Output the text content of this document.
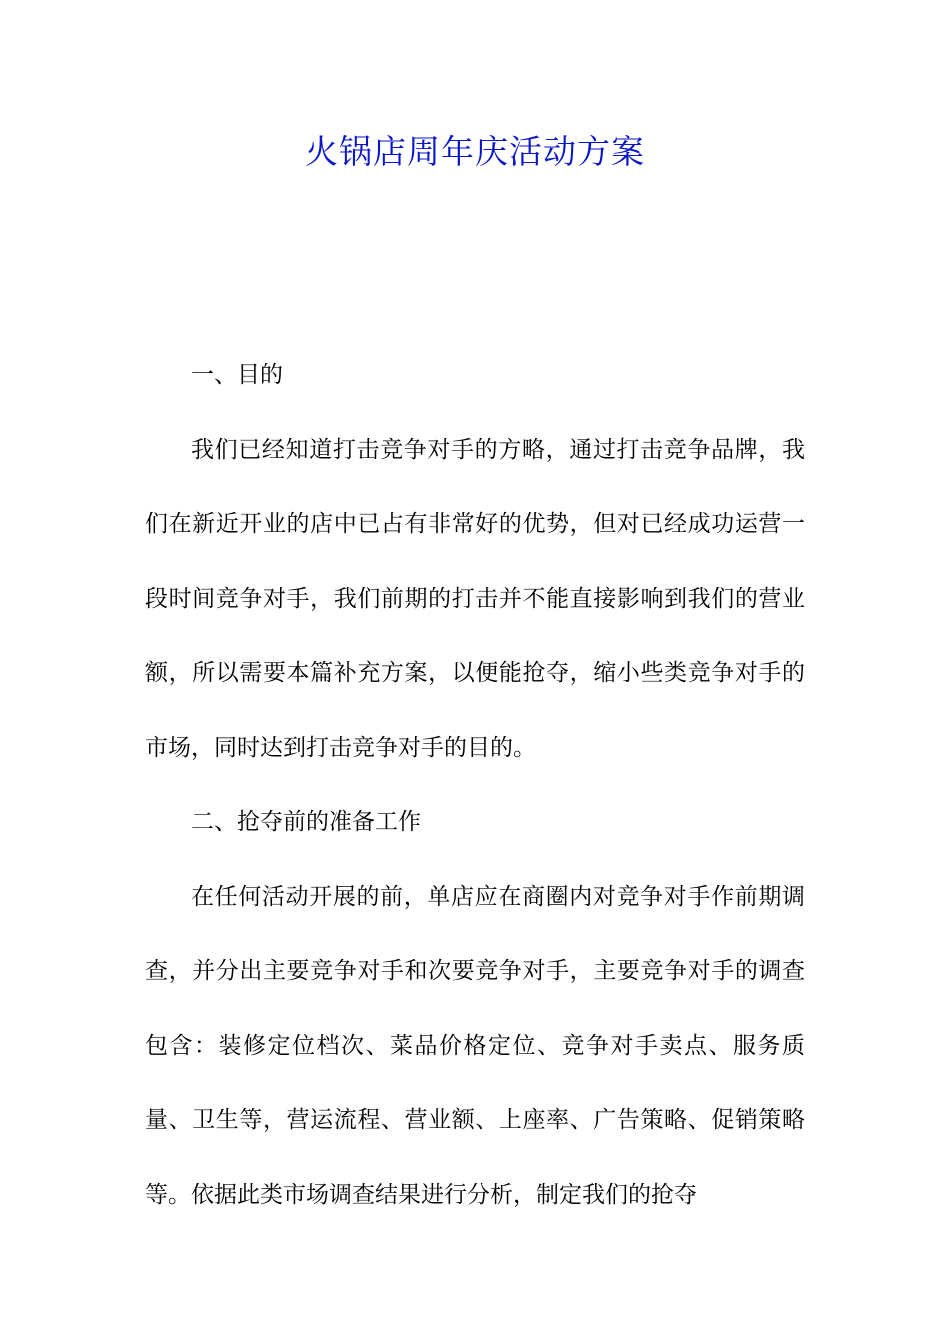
火锅店周年庆活动方案

一、目的

我们已经知道打击竞争对手的方略，通过打击竞争品牌，我们在新近开业的店中已占有非常好的优势，但对已经成功运营一段时间竞争对手，我们前期的打击并不能直接影响到我们的营业额，所以需要本篇补充方案，以便能抢夺，缩小些类竞争对手的市场，同时达到打击竞争对手的目的。

二、抢夺前的准备工作

在任何活动开展的前，单店应在商圈内对竞争对手作前期调查，并分出主要竞争对手和次要竞争对手，主要竞争对手的调查包含：装修定位档次、菜品价格定位、竞争对手卖点、服务质量、卫生等，营运流程、营业额、上座率、广告策略、促销策略等。依据此类市场调查结果进行分析，制定我们的抢夺
